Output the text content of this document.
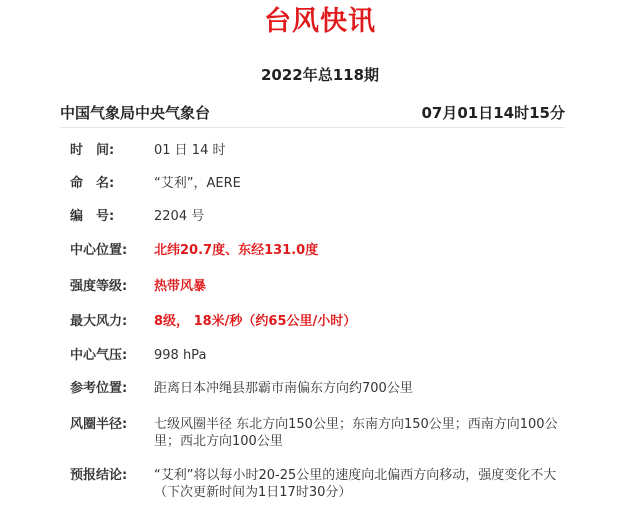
台风快讯
2022年总118期
中国气象局中央气象台	07月01日14时15分
时　间:	01 日 14 时
命　名:	“艾利”，AERE
编　号:	2204 号
中心位置:	北纬20.7度、东经131.0度
强度等级:	热带风暴
最大风力:	8级， 18米/秒（约65公里/小时）
中心气压:	998 hPa
参考位置:	距离日本冲绳县那霸市南偏东方向约700公里
风圈半径:	七级风圈半径 东北方向150公里；东南方向150公里；西南方向100公里；西北方向100公里
预报结论:	“艾利”将以每小时20-25公里的速度向北偏西方向移动，强度变化不大
（下次更新时间为1日17时30分）
